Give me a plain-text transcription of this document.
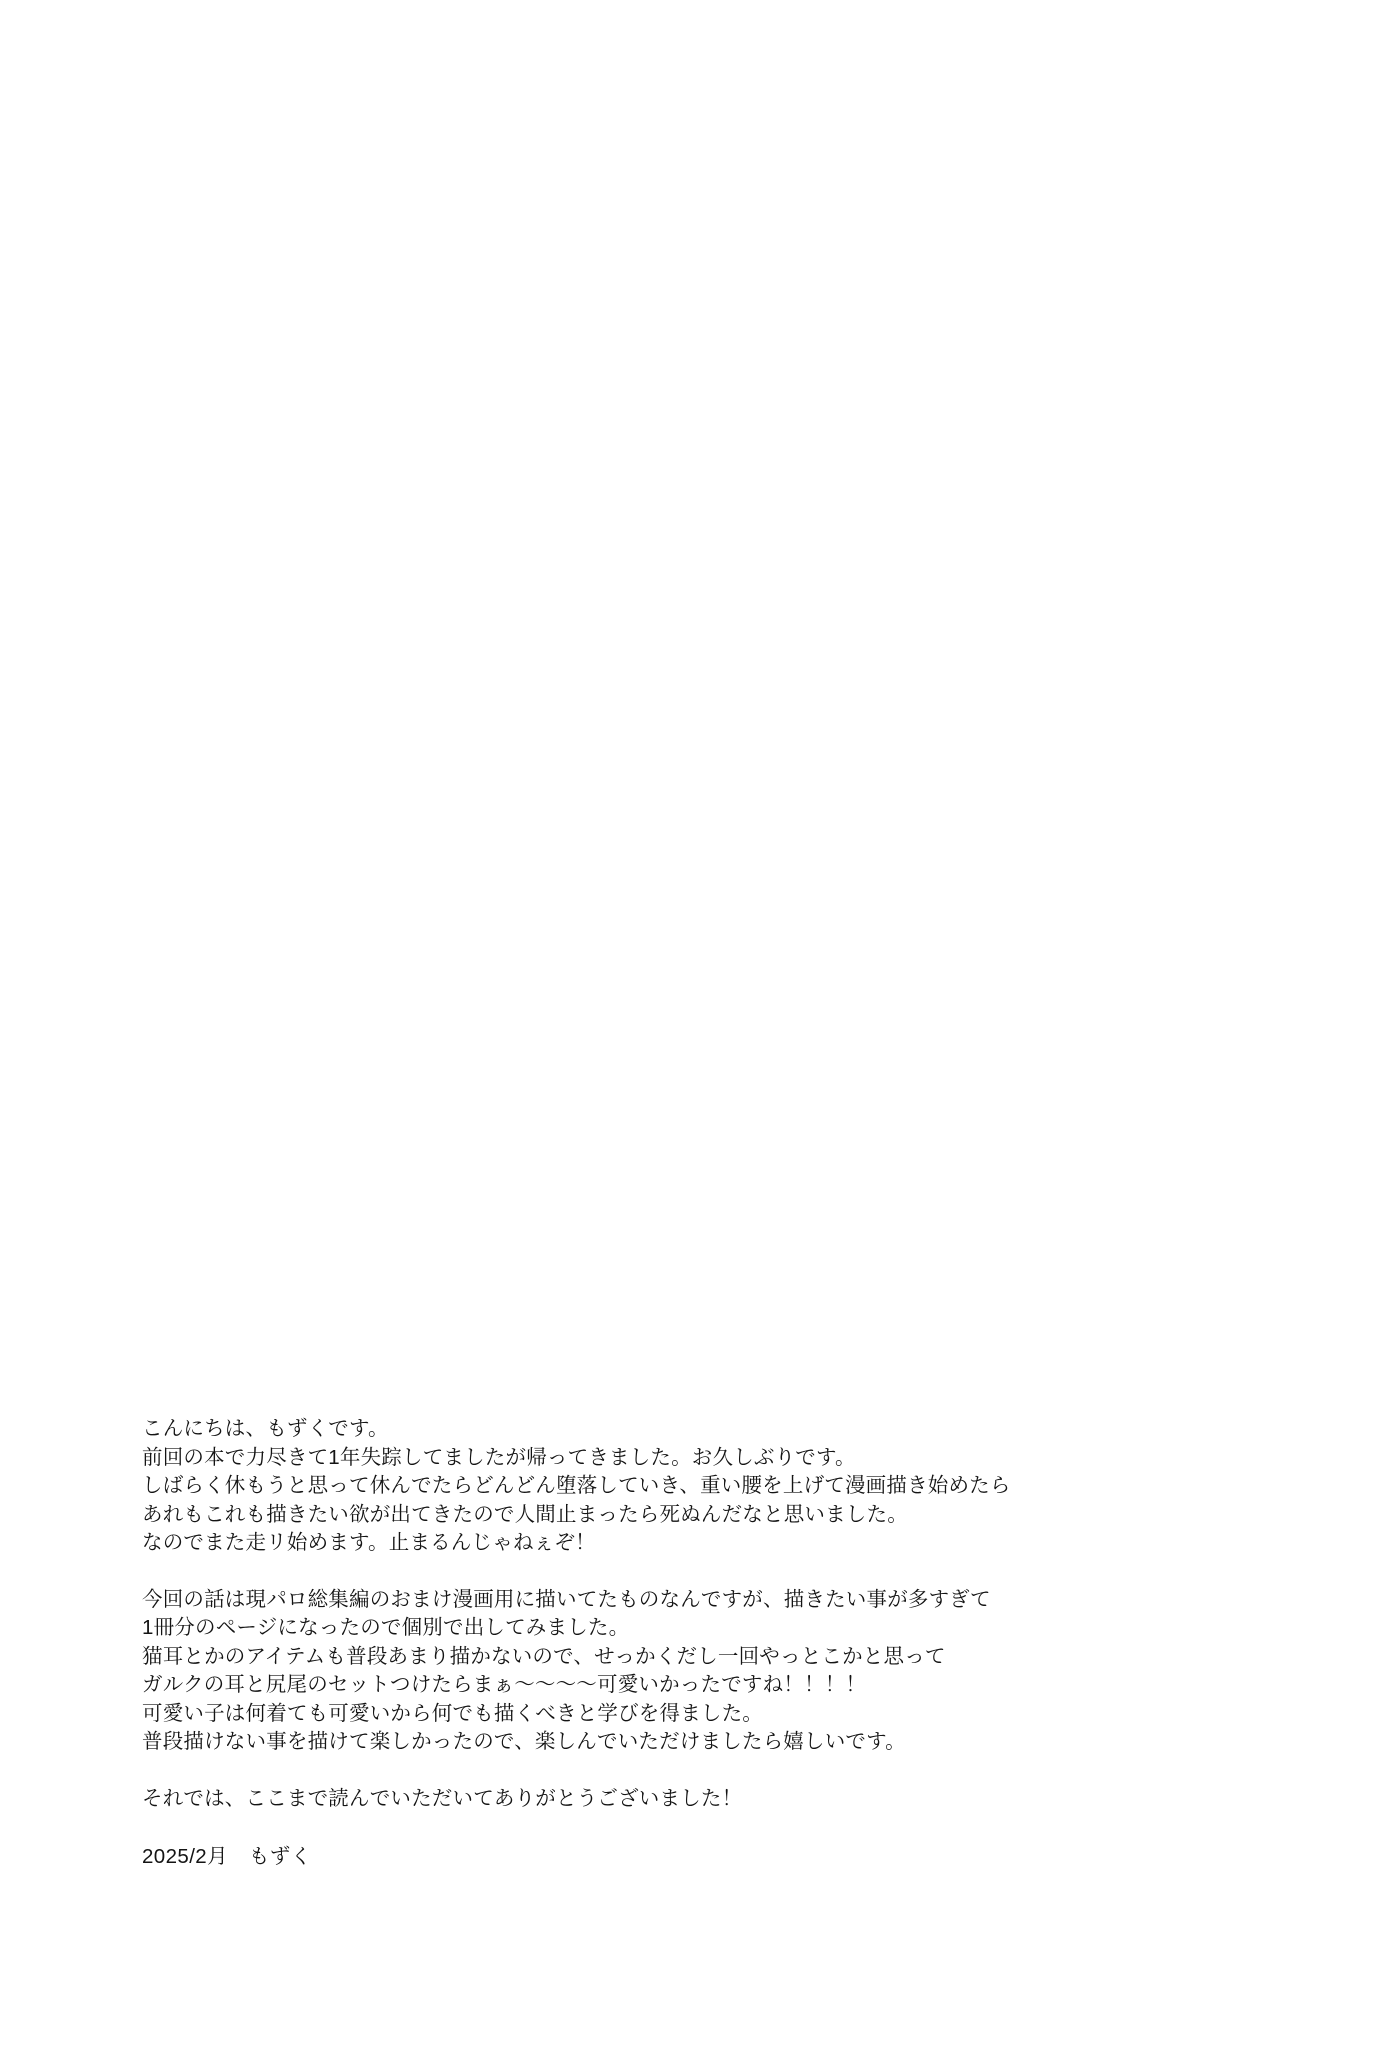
こんにちは、もずくです。
前回の本で力尽きて1年失踪してましたが帰ってきました。お久しぶりです。
しばらく休もうと思って休んでたらどんどん堕落していき、重い腰を上げて漫画描き始めたら
あれもこれも描きたい欲が出てきたので人間止まったら死ぬんだなと思いました。
なのでまた走リ始めます。止まるんじゃねぇぞ！
今回の話は現パロ総集編のおまけ漫画用に描いてたものなんですが、描きたい事が多すぎて
1冊分のページになったので個別で出してみました。
猫耳とかのアイテムも普段あまり描かないので、せっかくだし一回やっとこかと思って
ガルクの耳と尻尾のセットつけたらまぁ～～～～可愛いかったですね！！！！
可愛い子は何着ても可愛いから何でも描くべきと学びを得ました。
普段描けない事を描けて楽しかったので、楽しんでいただけましたら嬉しいです。
それでは、ここまで読んでいただいてありがとうございました！
2025/2月　もずく
